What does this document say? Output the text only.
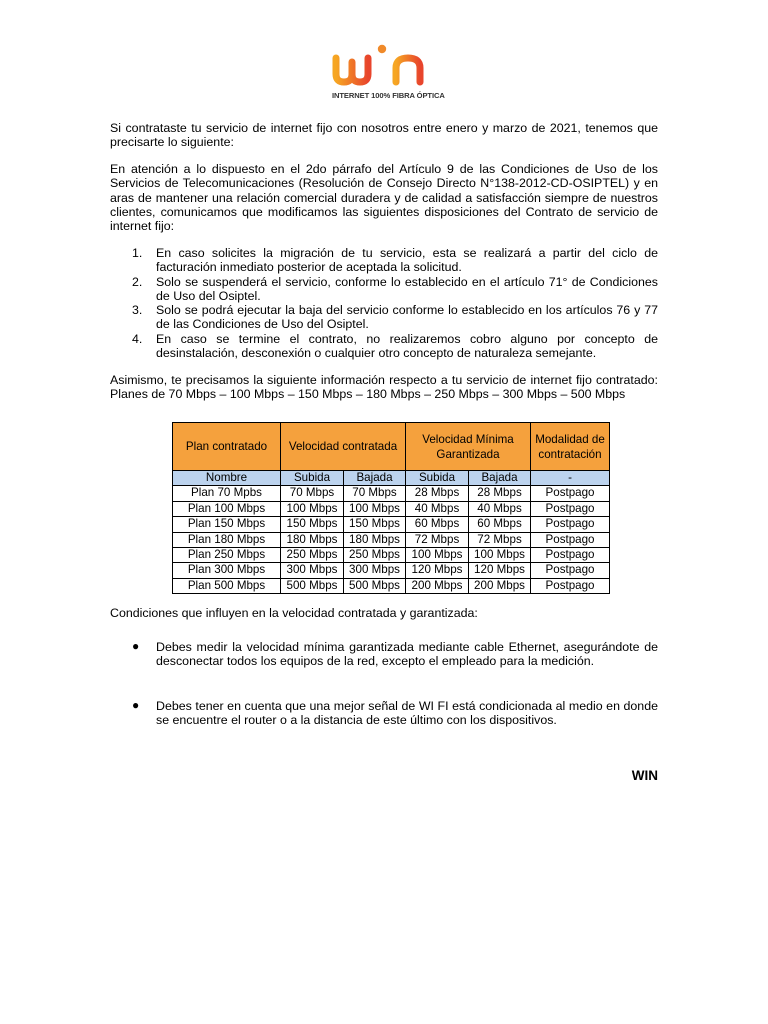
INTERNET 100% FIBRA ÓPTICA
Si contrataste tu servicio de internet fijo con nosotros entre enero y marzo de 2021, tenemos que precisarte lo siguiente:
En atención a lo dispuesto en el 2do párrafo del Artículo 9 de las Condiciones de Uso de los Servicios de Telecomunicaciones (Resolución de Consejo Directo N°138-2012-CD-OSIPTEL) y en aras de mantener una relación comercial duradera y de calidad a satisfacción siempre de nuestros clientes, comunicamos que modificamos las siguientes disposiciones del Contrato de servicio de internet fijo:
1. En caso solicites la migración de tu servicio, esta se realizará a partir del ciclo de facturación inmediato posterior de aceptada la solicitud.
2. Solo se suspenderá el servicio, conforme lo establecido en el artículo 71° de Condiciones de Uso del Osiptel.
3. Solo se podrá ejecutar la baja del servicio conforme lo establecido en los artículos 76 y 77 de las Condiciones de Uso del Osiptel.
4. En caso se termine el contrato, no realizaremos cobro alguno por concepto de desinstalación, desconexión o cualquier otro concepto de naturaleza semejante.
Asimismo, te precisamos la siguiente información respecto a tu servicio de internet fijo contratado: Planes de 70 Mbps – 100 Mbps – 150 Mbps – 180 Mbps – 250 Mbps – 300 Mbps – 500 Mbps
Plan contratado	Velocidad contratada		Velocidad Mínima Garantizada		Modalidad de contratación
Nombre	Subida	Bajada	Subida	Bajada	-
Plan 70 Mpbs	70 Mbps	70 Mbps	28 Mbps	28 Mbps	Postpago
Plan 100 Mbps	100 Mbps	100 Mbps	40 Mbps	40 Mbps	Postpago
Plan 150 Mbps	150 Mbps	150 Mbps	60 Mbps	60 Mbps	Postpago
Plan 180 Mbps	180 Mbps	180 Mbps	72 Mbps	72 Mbps	Postpago
Plan 250 Mbps	250 Mbps	250 Mbps	100 Mbps	100 Mbps	Postpago
Plan 300 Mbps	300 Mbps	300 Mbps	120 Mbps	120 Mbps	Postpago
Plan 500 Mbps	500 Mbps	500 Mbps	200 Mbps	200 Mbps	Postpago
Condiciones que influyen en la velocidad contratada y garantizada:
● Debes medir la velocidad mínima garantizada mediante cable Ethernet, asegurándote de desconectar todos los equipos de la red, excepto el empleado para la medición.
● Debes tener en cuenta que una mejor señal de WI FI está condicionada al medio en donde se encuentre el router o a la distancia de este último con los dispositivos.
WIN
